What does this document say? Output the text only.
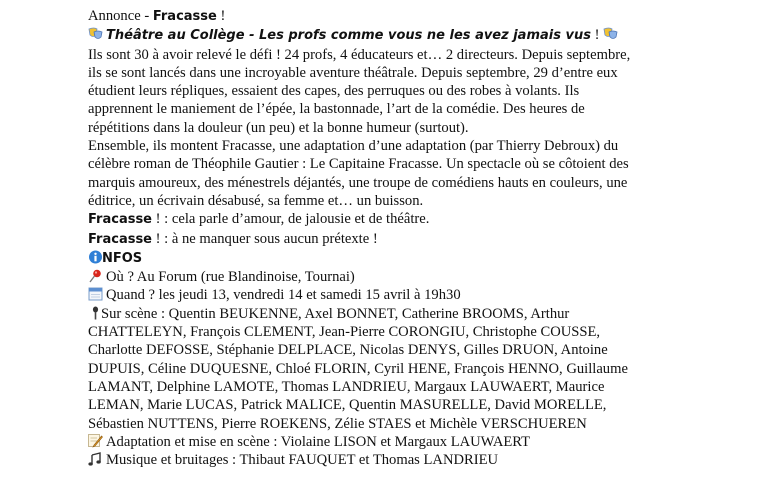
Annonce - Fracasse !
Théâtre au Collège - Les profs comme vous ne les avez jamais vus !
Ils sont 30 à avoir relevé le défi ! 24 profs, 4 éducateurs et… 2 directeurs. Depuis septembre,
ils se sont lancés dans une incroyable aventure théâtrale. Depuis septembre, 29 d’entre eux
étudient leurs répliques, essaient des capes, des perruques ou des robes à volants. Ils
apprennent le maniement de l’épée, la bastonnade, l’art de la comédie. Des heures de
répétitions dans la douleur (un peu) et la bonne humeur (surtout).
Ensemble, ils montent Fracasse, une adaptation d’une adaptation (par Thierry Debroux) du
célèbre roman de Théophile Gautier : Le Capitaine Fracasse. Un spectacle où se côtoient des
marquis amoureux, des ménestrels déjantés, une troupe de comédiens hauts en couleurs, une
éditrice, un écrivain désabusé, sa femme et… un buisson.
Fracasse ! : cela parle d’amour, de jalousie et de théâtre.
Fracasse ! : à ne manquer sous aucun prétexte !
NFOS
Où ? Au Forum (rue Blandinoise, Tournai)
Quand ? les jeudi 13, vendredi 14 et samedi 15 avril à 19h30
Sur scène : Quentin BEUKENNE, Axel BONNET, Catherine BROOMS, Arthur
CHATTELEYN, François CLEMENT, Jean-Pierre CORONGIU, Christophe COUSSE,
Charlotte DEFOSSE, Stéphanie DELPLACE, Nicolas DENYS, Gilles DRUON, Antoine
DUPUIS, Céline DUQUESNE, Chloé FLORIN, Cyril HENE, François HENNO, Guillaume
LAMANT, Delphine LAMOTE, Thomas LANDRIEU, Margaux LAUWAERT, Maurice
LEMAN, Marie LUCAS, Patrick MALICE, Quentin MASURELLE, David MORELLE,
Sébastien NUTTENS, Pierre ROEKENS, Zélie STAES et Michèle VERSCHUEREN
Adaptation et mise en scène : Violaine LISON et Margaux LAUWAERT
Musique et bruitages : Thibaut FAUQUET et Thomas LANDRIEU
